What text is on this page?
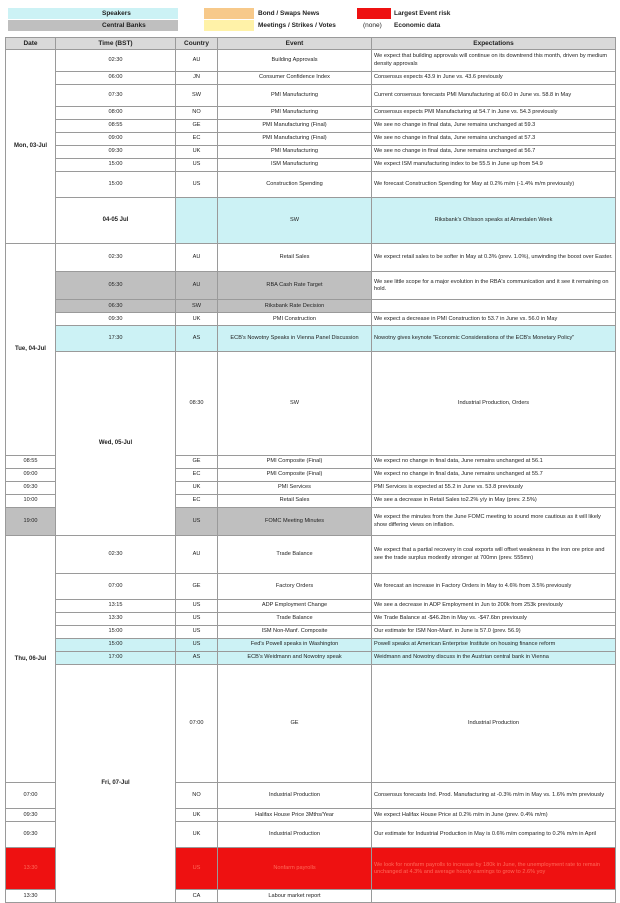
Speakers
Central Banks
Bond / Swaps News
Meetings / Strikes / Votes
Largest Event risk
(none) Economic data
Date	Time (BST)	Country	Event	Expectations	
Mon, 03-Jul	02:30	AU	Building Approvals	We expect that building approvals will continue on its downtrend this month, driven by medium density approvals	
	06:00	JN	Consumer Confidence Index	Consensus expects 43.9 in June vs. 43.6 previously	
	07:30	SW	PMI Manufacturing	Current consensus forecasts PMI Manufacturing at 60.0 in June vs. 58.8 in May	
	08:00	NO	PMI Manufacturing	Consensus expects PMI Manufacturing at 54.7 in June vs. 54.3 previously	
	08:55	GE	PMI Manufacturing (Final)	We see no change in final data, June remains unchanged at 59.3	
	09:00	EC	PMI Manufacturing (Final)	We see no change in final data, June remains unchanged at 57.3	
	09:30	UK	PMI Manufacturing	We see no change in final data, June remains unchanged at 56.7	
	15:00	US	ISM Manufacturing	We expect ISM manufacturing index to be 55.5 in June up from 54.9	
	15:00	US	Construction Spending	We forecast Construction Spending for May at 0.2% m/m (-1.4% m/m previously)	
	04-05 Jul		SW	Riksbank's Ohlsson speaks at Almedalen Week	
Tue, 04-Jul	02:30	AU	Retail Sales	We expect retail sales to be softer in May at 0.3% (prev. 1.0%), unwinding the boost over Easter.	
	05:30	AU	RBA Cash Rate Target	We see little scope for a major evolution in the RBA's communication and it see it remaining on hold.	
	06:30	SW	Riksbank Rate Decision		
	09:30	UK	PMI Construction	We expect a decrease in PMI Construction to 53.7 in June vs. 56.0 in May	
	17:30	AS	ECB's Nowotny Speaks in Vienna Panel Discussion	Nowotny gives keynote "Economic Considerations of the ECB's Monetary Policy"	
	Wed, 05-Jul	08:30	SW	Industrial Production, Orders	
08:55		GE	PMI Composite (Final)	We expect no change in final data, June remains unchanged at 56.1	
09:00		EC	PMI Composite (Final)	We expect no change in final data, June remains unchanged at 55.7	
09:30		UK	PMI Services	PMI Services is expected at 55.2 in June vs. 53.8 previously	
10:00		EC	Retail Sales	We see a decrease in Retail Sales to2.2% y/y in May (prev. 2.5%)	
19:00		US	FOMC Meeting Minutes	We expect the minutes from the June FOMC meeting to sound more cautious as it will likely show differing views on inflation.	
Thu, 06-Jul	02:30	AU	Trade Balance	We expect that a partial recovery in coal exports will offset weakness in the iron ore price and see the trade surplus modestly stronger at 700mn (prev. 555mn)	
	07:00	GE	Factory Orders	We forecast an increase in Factory Orders in May to 4.6% from 3.5% previously	
	13:15	US	ADP Employment Change	We see a decrease in ADP Employment in Jun to 200k from 253k previously	
	13:30	US	Trade Balance	We Trade Balance at -$46.2bn in May vs. -$47.6bn previously	
	15:00	US	ISM Non-Manf. Composite	Our estimate for ISM Non-Manf. in June is 57.0 (prev. 56.9)	
	15:00	US	Fed's Powell speaks in Washington	Powell speaks at American Enterprise Institute on housing finance reform	
	17:00	AS	ECB's Weidmann and Nowotny speak	Weidmann and Nowotny discuss in the Austrian central bank in Vienna	
	Fri, 07-Jul	07:00	GE	Industrial Production	
07:00		NO	Industrial Production	Consensus forecasts Ind. Prod. Manufacturing at -0.3% m/m in May vs. 1.6% m/m previously	
09:30		UK	Halifax House Price 3Mths/Year	We expect Halifax House Price at 0.2% m/m in June (prev. 0.4% m/m)	
09:30		UK	Industrial Production	Our estimate for Industrial Production in May is 0.6% m/m comparing to 0.2% m/m in April	
13:30		US	Nonfarm payrolls	We look for nonfarm payrolls to increase by 180k in June, the unemployment rate to remain unchanged at 4.3% and average hourly earnings to grow to 2.6% yoy	
13:30		CA	Labour market report		
